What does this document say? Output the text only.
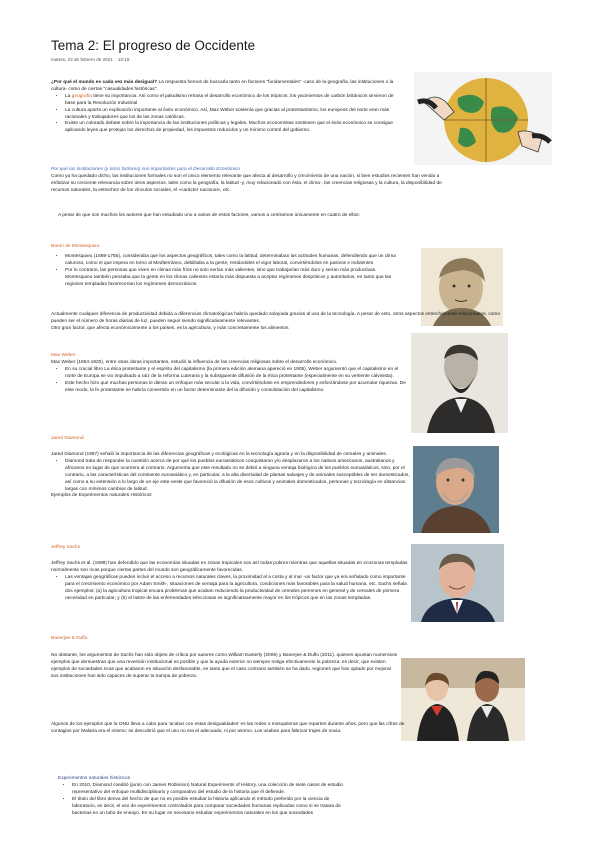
Tema 2: El progreso de Occidente
martes, 23 de febrero de 2021 10:15

¿Por qué el mundo es cada vez más desigual? La respuesta hemos de buscarla tanto en factores "fundamentales" -caso de la geografía, las instituciones o la cultura- como de ciertas "casualidades históricas".

• La geografía tiene su importancia. Así como el paludismo retrasa el desarrollo económico de los trópicos, los yacimientos de carbón británicos sirvieron de base para la Revolución Industrial
• La cultura aporta un explicación importante al éxito económico. Así, Max Weber sostenía que gracias al protestantismo, los europeos del norte eran más racionales y trabajadores que los de las zonas católicas.
• Existe un colorado debate sobre la importancia de las instituciones políticas y legales. Muchos economistas sostienen que el éxito económico se consigue aplicando leyes que protejan los derechos de propiedad, los impuestos reducidos y un mínimo control del gobierno.

Por qué las instituciones (y otros factores) son importantes para el Desarrollo Económico

Como ya ha quedado dicho, las instituciones formales no son el único elemento relevante que afecta al desarrollo y crecimiento de una nación, si bien estudios recientes han venido a enfatizar su creciente relevancia sobre otros aspectos, tales como la geografía, la latitud -y, muy relacionado con ésta, el clima-, las creencias religiosas y la cultura, la disponibilidad de recursos naturales, la estrechez de los vínculos sociales, el «carácter nacional», etc.

A pesar de que son muchos los autores que han estudiado uno a varios de estos factores, vamos a centrarnos únicamente en cuatro de ellos:

Baron de Montesquieu

• Montesquieu (1689-1755), consideraba que los aspectos geográficos, tales como la latitud, determinaban las actitudes humanas, defendiendo que un clima caluroso, como el que impera en torno al Mediterráneo, debilitaba a la gente, restándoles el vigor laboral, convirtiéndolos en pasivos e indolentes
• Por lo contrario, las personas que viven en climas más fríos no solo serían más valientes, sino que trabajarían más duro y serían más productivas. Montesquieu también pensaba que la gente en los climas calientes estaría más dispuesta a aceptar regímenes despóticos y autoritarios, en tanto que las regiones templadas favorecerían los regímenes democráticos.

Actualmente cualquier diferencia de productividad debida a diferencias climatológicas habría quedado solayada gracias al uso de la tecnología. A pesar de esto, otros aspectos estrechamente relacionados, como pueden ser el número de horas diarias de luz, pueden seguir siendo significativamente relevantes.

Otro gran factor, que afecta económicamente a los países, es la agricultura, y más concretamente los alimentos

Max Weber

Max Weber (1864-1920), entre otras obras importantes, estudió la influencia de las creencias religiosas sobre el desarrollo económico.

• En su crucial libro La ética protestante y el espíritu del capitalismo (la primera edición alemana apareció en 1905), Weber argumentó que el capitalismo en el norte de Europa se vio impulsado a raíz de la reforma Luterana y la subsiguiente difusión de la ética protestante (especialmente en su vertiente calvinista).
• Este hecho hizo que muchas personas le dieran un enfoque más secular a la vida, convirtiéndose en emprendedores y esforzándose por acumular riquezas. De este modo, la fe protestante se habría convertido en un factor determinante del la difusión y consolidación del capitalismo.

Jared Diamond

Jared Diamond (1997) señaló la importancia de las diferencias geográficas y ecológicas en la tecnología agraria y en la disponibilidad de cereales y animales.

• Diamond trata de responder la cuestión acerca de por qué los pueblos euroasiáticos conquistaron y/o desplazaron a los nativos americanos, australianos y africanos en lugar de que ocurriera al contrario. Argumenta que este resultado no se debió a ninguna ventaja biológica de los pueblos euroasiáticos, sino, por el contrario, a las características del continente euroasiático y, en particular, a la alta diversidad de plantas salvajes y de animales susceptibles de ser domesticados, así como a su extensión a lo largo de un eje este-oeste que favoreció la difusión de esos cultivos y animales domesticados, personas y tecnología en distancias largas con mínimos cambios de latitud.

Ejemplos de Experimentos naturales Históricos

Jeffrey Sachs

Jeffrey Sachs et al. (1999) han defendido que las economías situadas en zonas tropicales son así todas pobres mientras que aquellas situadas en ecozonas templadas normalmente son ricas porque ciertas partes del mundo son geográficamente favorecidas.

• Las ventajas geográficas pueden incluir el acceso a recursos naturales claves, la proximidad al a costa y al mar -un factor que ya era señalado como importante para el crecimiento económico por Adam Smith-, situaciones de ventaja para la agricultura, condiciones más favorables para la salud humana, etc. Sachs señala dos ejemplos: (a) la agricultura tropical encara problemas que acaban reduciendo la productividad de cereales perennes en general y de cereales de primera necesidad en particular; y (b) el lastre de las enfermedades infecciosas es significativamente mayor en los trópicos que en las zonas templadas.

Banerjee & Duflo

No obstante, los argumentos de Sachs han sido objeto de crítica por autores como William Easterly (2006) y Banerjee & Duflo (2011), quienes apuntan numerosos ejemplos que demuestran que una reversión institucional es posible y que la ayuda exterior no siempre mitiga efectivamente la pobreza: es decir, que existen ejemplos de sociedades ricas que acabaron en situación desfavorable, en tanto que el caso contrario también se ha dado, regiones que han optado por mejorar sus instituciones han sido capaces de superar la trampa de pobreza.

Algunos de los ejemplos que la ONU lleva a cabo para 'acabar con estas desigualdades' es las redes o mosquiteras que reparten durante años, pero que las cifras de contagios por Malaria era el mismo; se descubrió que el uso no era el adecuado, ni por asomo. Los usaban para fabricar trajes de novia.

Experimentos naturales históricos

• En 2010, Diamond coeditó (junto con James Robinson) Natural Experiments of History, una colección de siete casos de estudio representativo del enfoque multidisciplinario y comparativo del estudio de la historia que él defiende.
• El título del libro deriva del hecho de que no es posible estudiar la historia aplicando el método preferido por la ciencia de laboratorio, es decir, el uso de experimentos controlados para comparar sociedades humanas replicadas como si se tratara de bacterias en un tubo de ensayo. En su lugar es necesario estudiar experimentos naturales en los que sociedades
